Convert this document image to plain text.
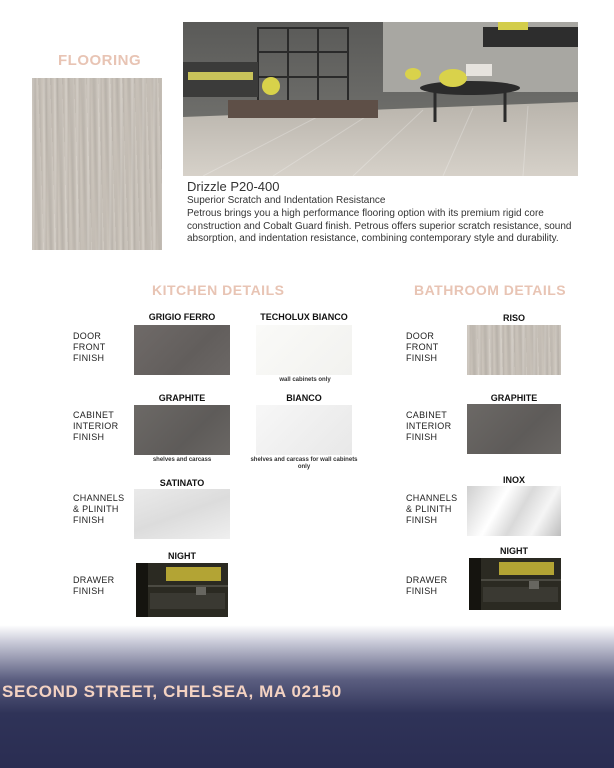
FLOORING
Drizzle P20-400
Superior Scratch and Indentation Resistance
Petrous brings you a high performance flooring option with its premium rigid core construction and Cobalt Guard finish. Petrous offers superior scratch resistance, sound absorption, and indentation resistance, combining contemporary style and durability.
KITCHEN DETAILS
DOOR
FRONT
FINISH
CABINET
INTERIOR
FINISH
CHANNELS
& PLINITH
FINISH
DRAWER
FINISH
GRIGIO FERRO
GRAPHITE
shelves and carcass
SATINATO
NIGHT
TECHOLUX BIANCO
wall cabinets only
BIANCO
shelves and carcass for wall cabinets only
BATHROOM DETAILS
DOOR
FRONT
FINISH
CABINET
INTERIOR
FINISH
CHANNELS
& PLINITH
FINISH
DRAWER
FINISH
RISO
GRAPHITE
INOX
NIGHT
SECOND STREET, CHELSEA, MA 02150
